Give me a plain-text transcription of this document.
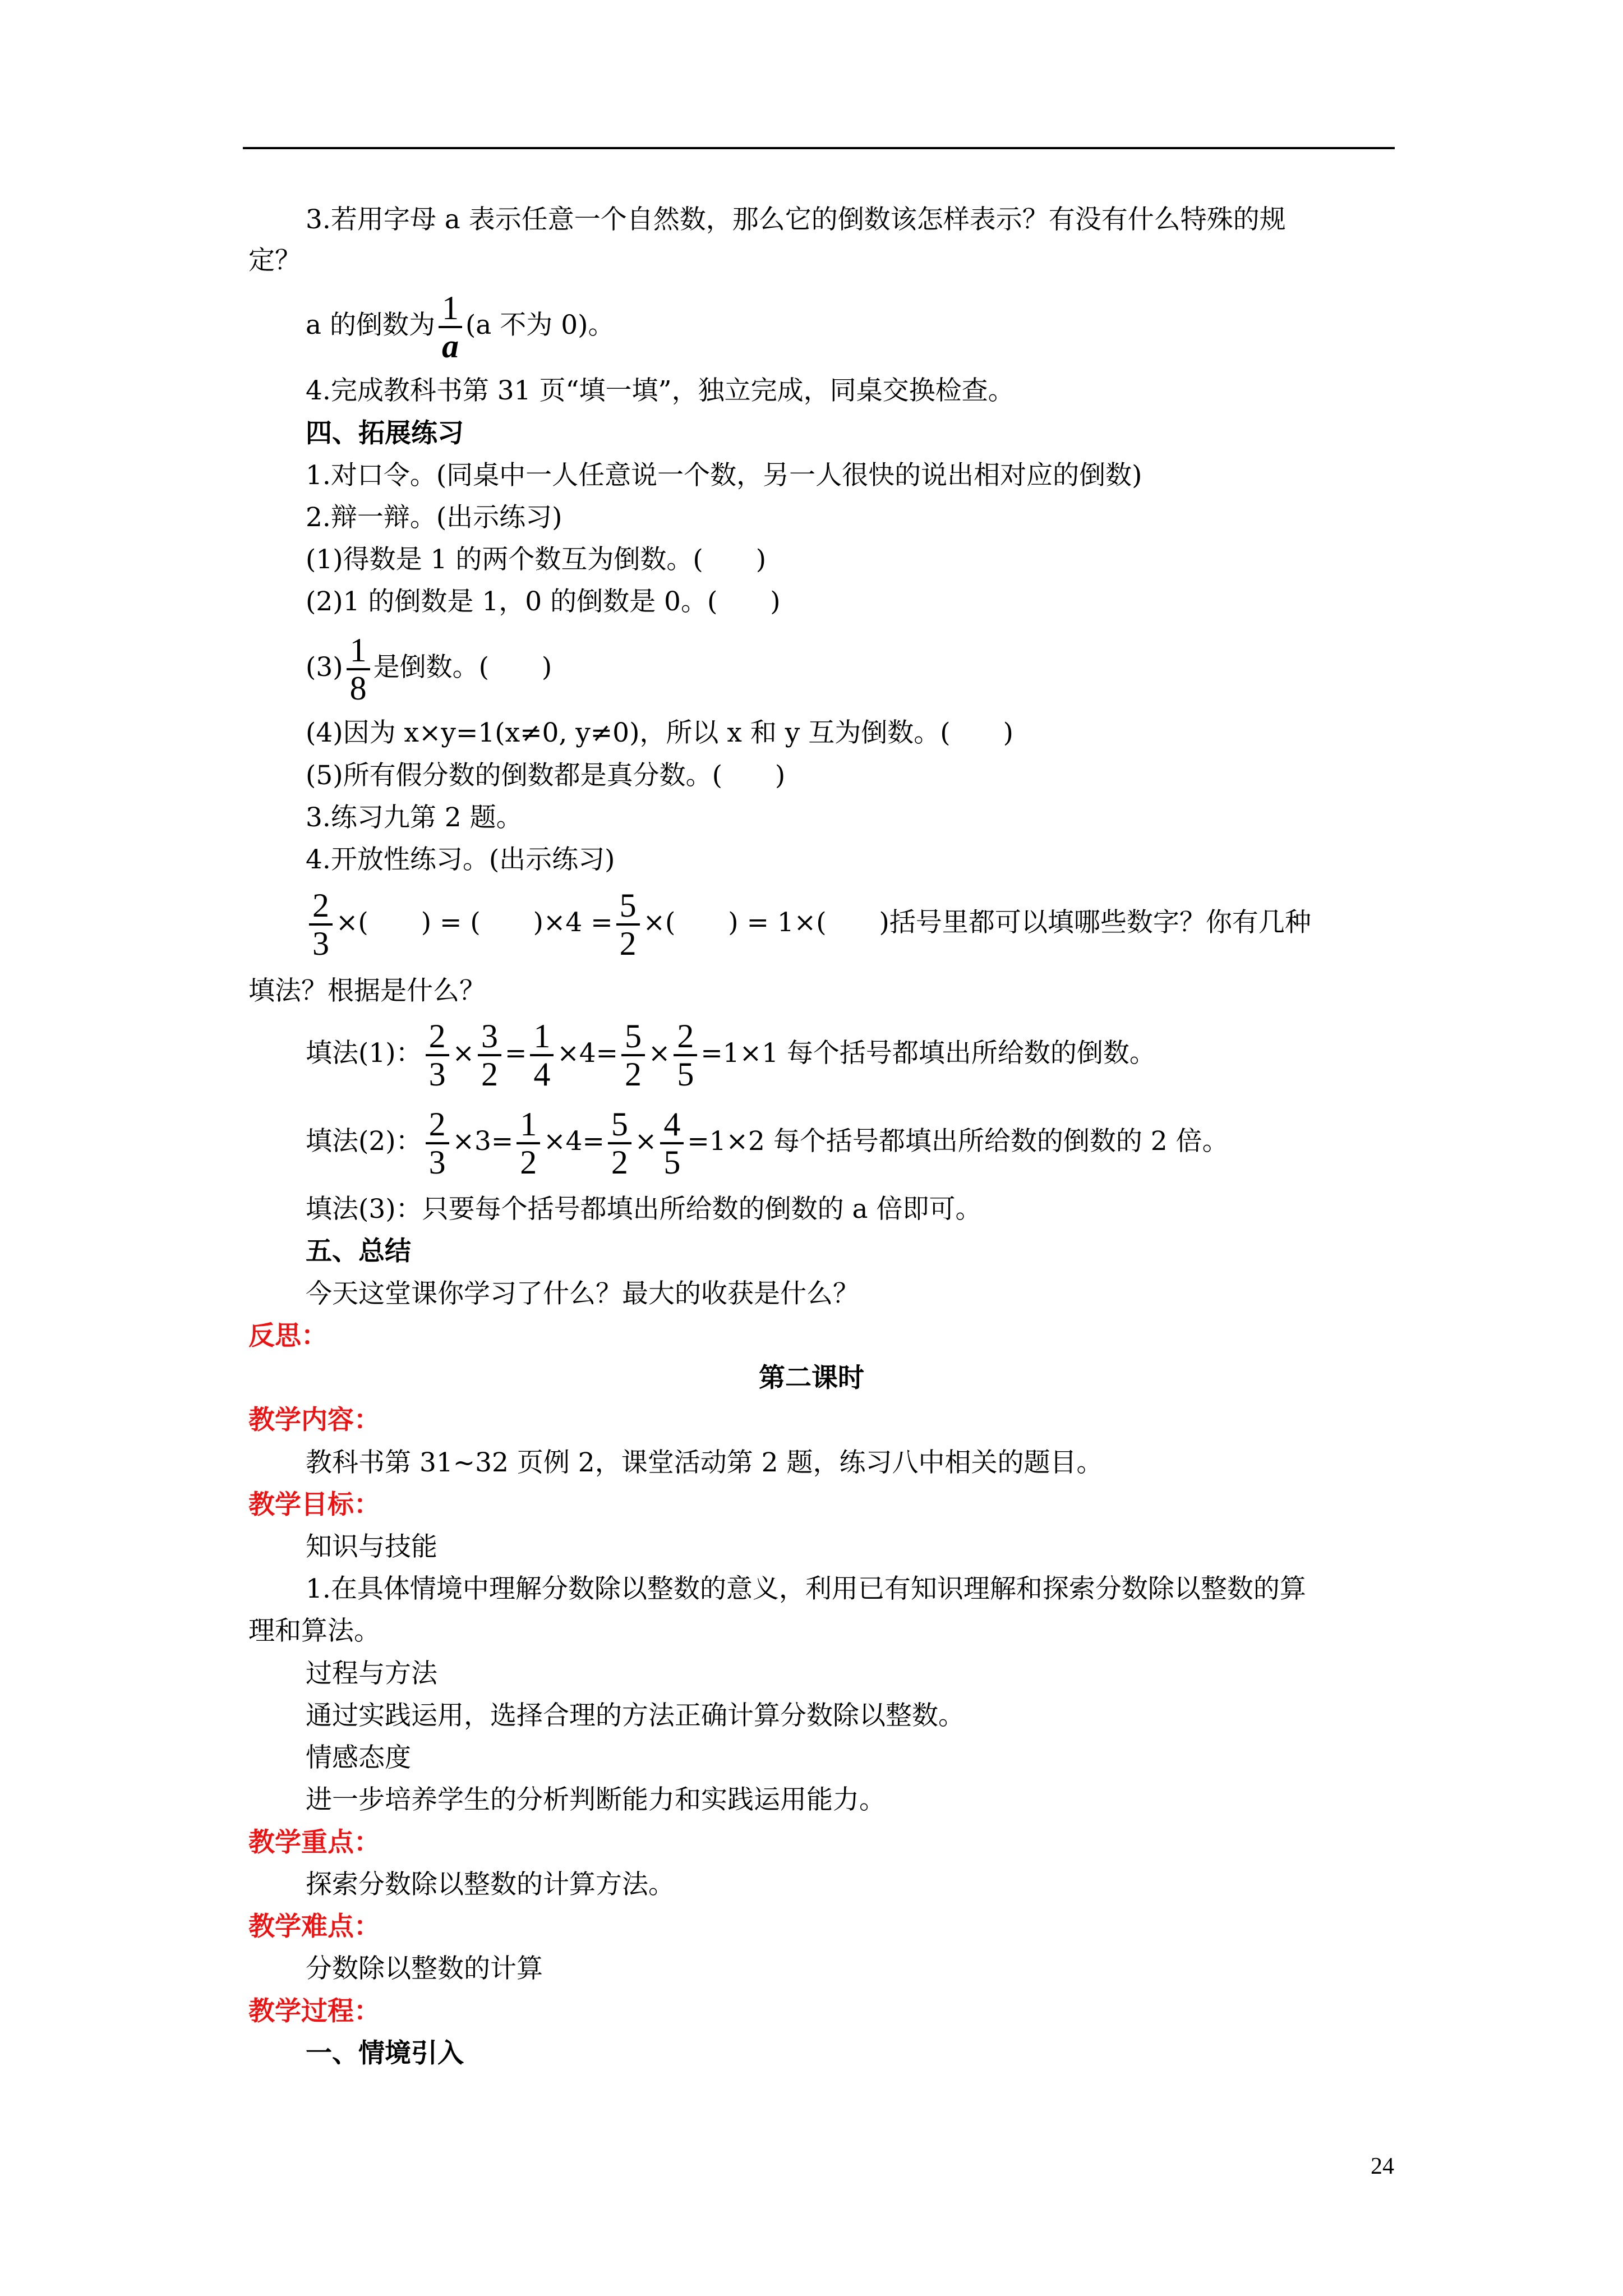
3.若用字母 a 表示任意一个自然数，那么它的倒数该怎样表示？有没有什么特殊的规
定？
a 的倒数为 $\frac{1}{a} (a$ 不为 0)。
4.完成教科书第 31 页“填一填”，独立完成，同桌交换检查。
四、拓展练习
1.对口令。(同桌中一人任意说一个数，另一人很快的说出相对应的倒数)
2.辩一辩。(出示练习)
(1)得数是 1 的两个数互为倒数。(　　)
(2)1 的倒数是 1，0 的倒数是 0。(　　)
$(3) \frac{1}{8}$ 是倒数。(　　)
(4)因为 x×y=1(x≠0, y≠0)，所以 x 和 y 互为倒数。(　　)
(5)所有假分数的倒数都是真分数。(　　)
3.练习九第 2 题。
4.开放性练习。(出示练习)
$\frac{2}{3}$ ×(　　) = (　　)$\times 4 = \frac{5}{2}$ ×(　　) = 1×(　　)括号里都可以填哪些数字？你有几种
填法？根据是什么？
填法(1)： $\frac{2}{3} \times \frac{3}{2} = \frac{1}{4} \times 4= \frac{5}{2} \times \frac{2}{5} =1\times 1$ 每个括号都填出所给数的倒数。
填法(2)： $\frac{2}{3} \times 3= \frac{1}{2} \times 4= \frac{5}{2} \times \frac{4}{5} =1\times 2$ 每个括号都填出所给数的倒数的 2 倍。
填法(3)：只要每个括号都填出所给数的倒数的 a 倍即可。
五、总结
今天这堂课你学习了什么？最大的收获是什么？
反思：
第二课时
教学内容：
教科书第 31~32 页例 2，课堂活动第 2 题，练习八中相关的题目。
教学目标：
知识与技能
1.在具体情境中理解分数除以整数的意义，利用已有知识理解和探索分数除以整数的算
理和算法。
过程与方法
通过实践运用，选择合理的方法正确计算分数除以整数。
情感态度
进一步培养学生的分析判断能力和实践运用能力。
教学重点：
探索分数除以整数的计算方法。
教学难点：
分数除以整数的计算
教学过程：
一、情境引入
24
